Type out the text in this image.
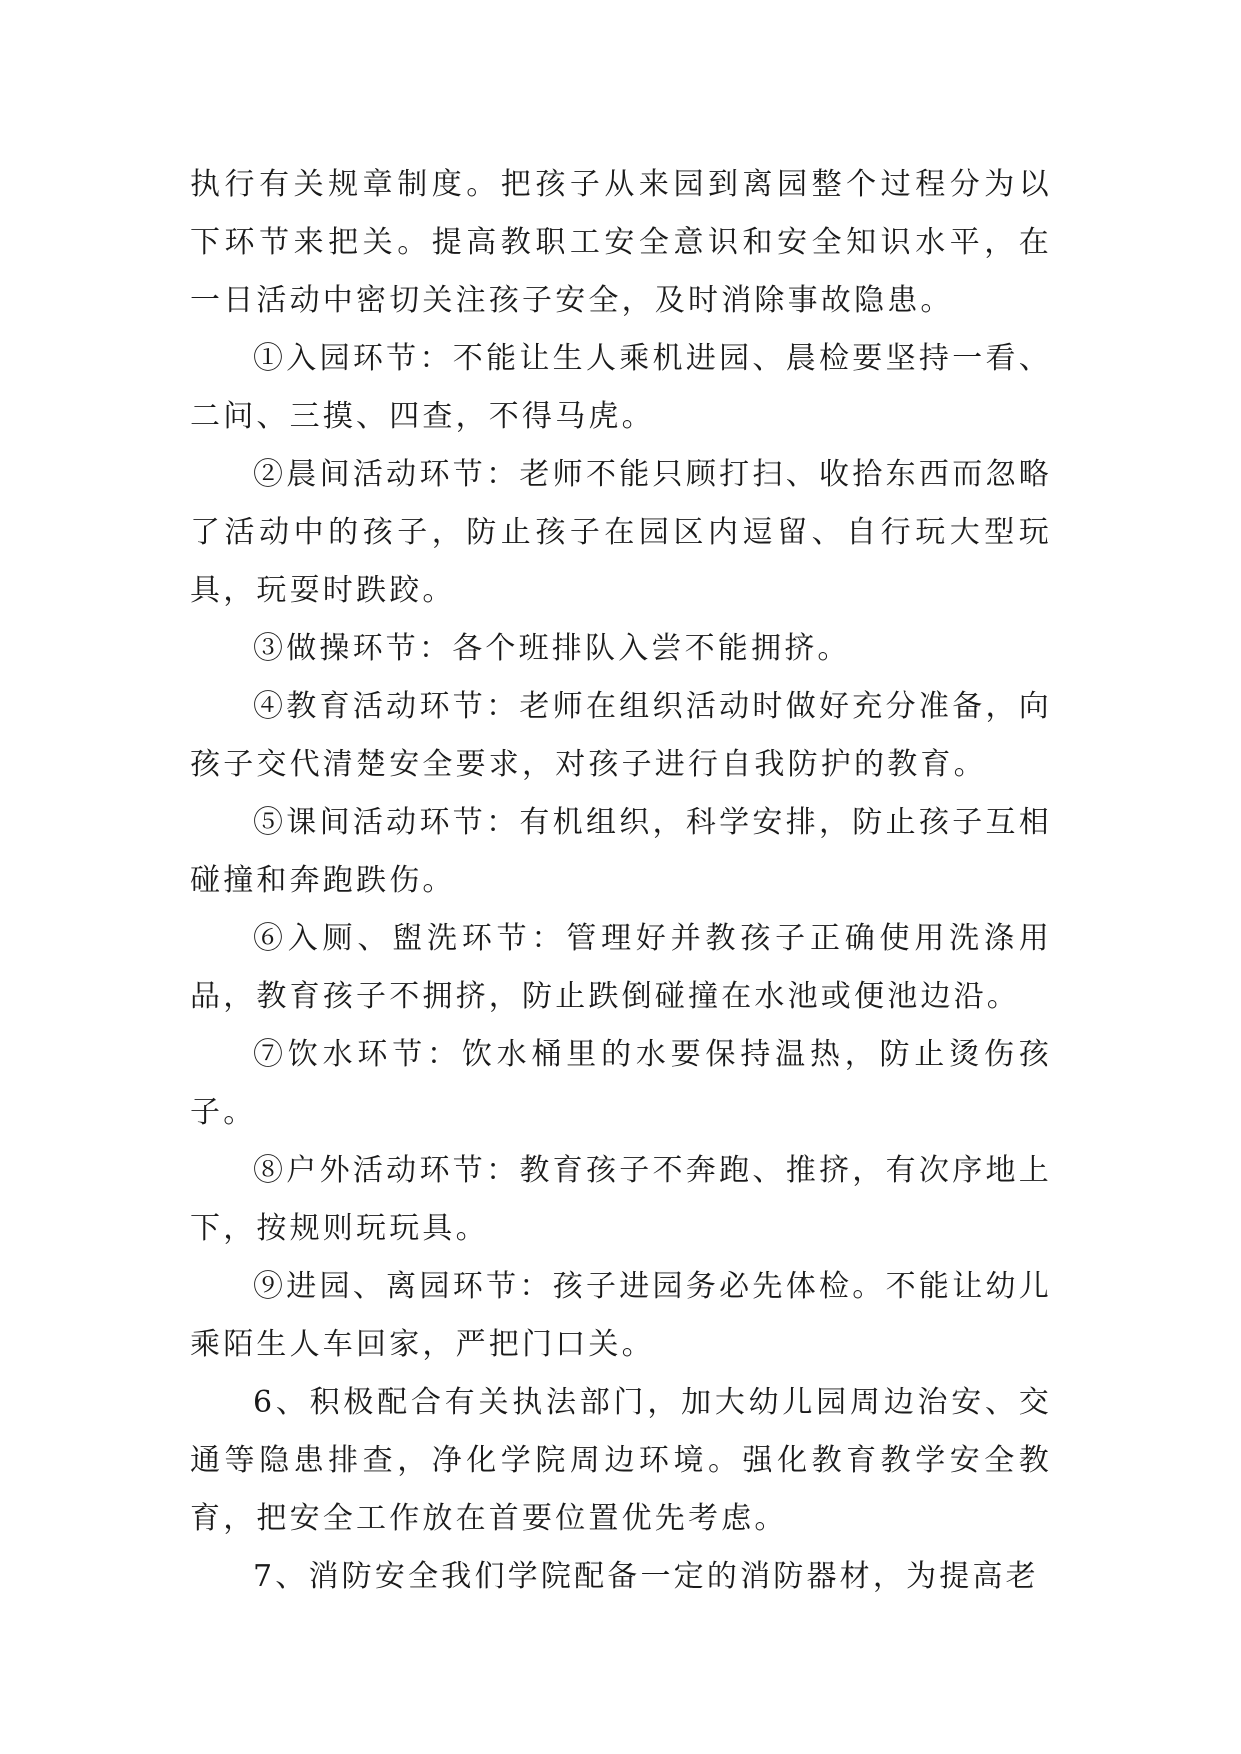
执行有关规章制度。把孩子从来园到离园整个过程分为以下环节来把关。提高教职工安全意识和安全知识水平，在一日活动中密切关注孩子安全，及时消除事故隐患。

①入园环节：不能让生人乘机进园、晨检要坚持一看、二问、三摸、四查，不得马虎。

②晨间活动环节：老师不能只顾打扫、收拾东西而忽略了活动中的孩子，防止孩子在园区内逗留、自行玩大型玩具，玩耍时跌跤。

③做操环节：各个班排队入尝不能拥挤。

④教育活动环节：老师在组织活动时做好充分准备，向孩子交代清楚安全要求，对孩子进行自我防护的教育。

⑤课间活动环节：有机组织，科学安排，防止孩子互相碰撞和奔跑跌伤。

⑥入厕、盥洗环节：管理好并教孩子正确使用洗涤用品，教育孩子不拥挤，防止跌倒碰撞在水池或便池边沿。

⑦饮水环节：饮水桶里的水要保持温热，防止烫伤孩子。

⑧户外活动环节：教育孩子不奔跑、推挤，有次序地上下，按规则玩玩具。

⑨进园、离园环节：孩子进园务必先体检。不能让幼儿乘陌生人车回家，严把门口关。

6、积极配合有关执法部门，加大幼儿园周边治安、交通等隐患排查，净化学院周边环境。强化教育教学安全教育，把安全工作放在首要位置优先考虑。

7、消防安全我们学院配备一定的消防器材，为提高老
